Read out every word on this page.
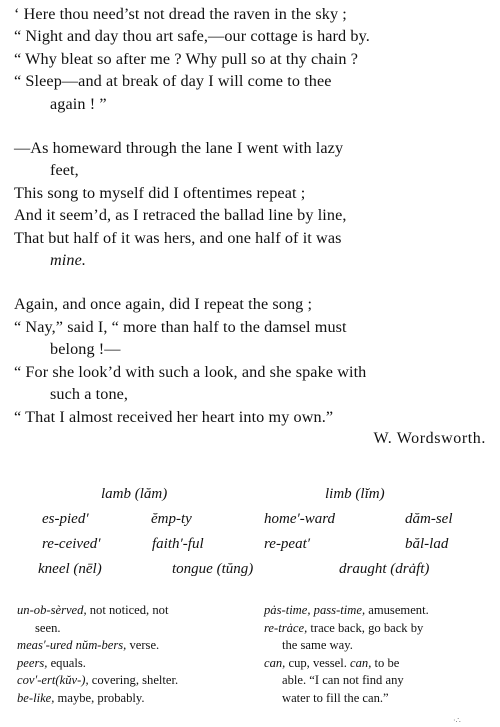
‘ Here thou need’st not dread the raven in the sky ;
“ Night and day thou art safe,—our cottage is hard by.
“ Why bleat so after me ? Why pull so at thy chain ?
“ Sleep—and at break of day I will come to thee
again ! ”
—As homeward through the lane I went with lazy
feet,
This song to myself did I oftentimes repeat ;
And it seem’d, as I retraced the ballad line by line,
That but half of it was hers, and one half of it was
mine.
Again, and once again, did I repeat the song ;
“ Nay,” said I, “ more than half to the damsel must
belong !—
“ For she look’d with such a look, and she spake with
such a tone,
“ That I almost received her heart into my own.”
W. Wordsworth.
lamb (lăm)	limb (lĭm)
es-pied′	ĕmp-ty	home′-ward	dăm-sel
re-ceived′	faith′-ful	re-peat′	băl-lad
kneel (nēl)	tongue (tŭng)	draught (drȧft)
un-ob-sèrved, not noticed, not
seen.
meas′-ured nŭm-bers, verse.
peers, equals.
cov′-ert(kŭv-), covering, shelter.
be-like, maybe, probably.
pȧs-time, pass-time, amusement.
re-trȧce, trace back, go back by
the same way.
can, cup, vessel. can, to be
able. “I can not find any
water to fill the can.”
·∴
